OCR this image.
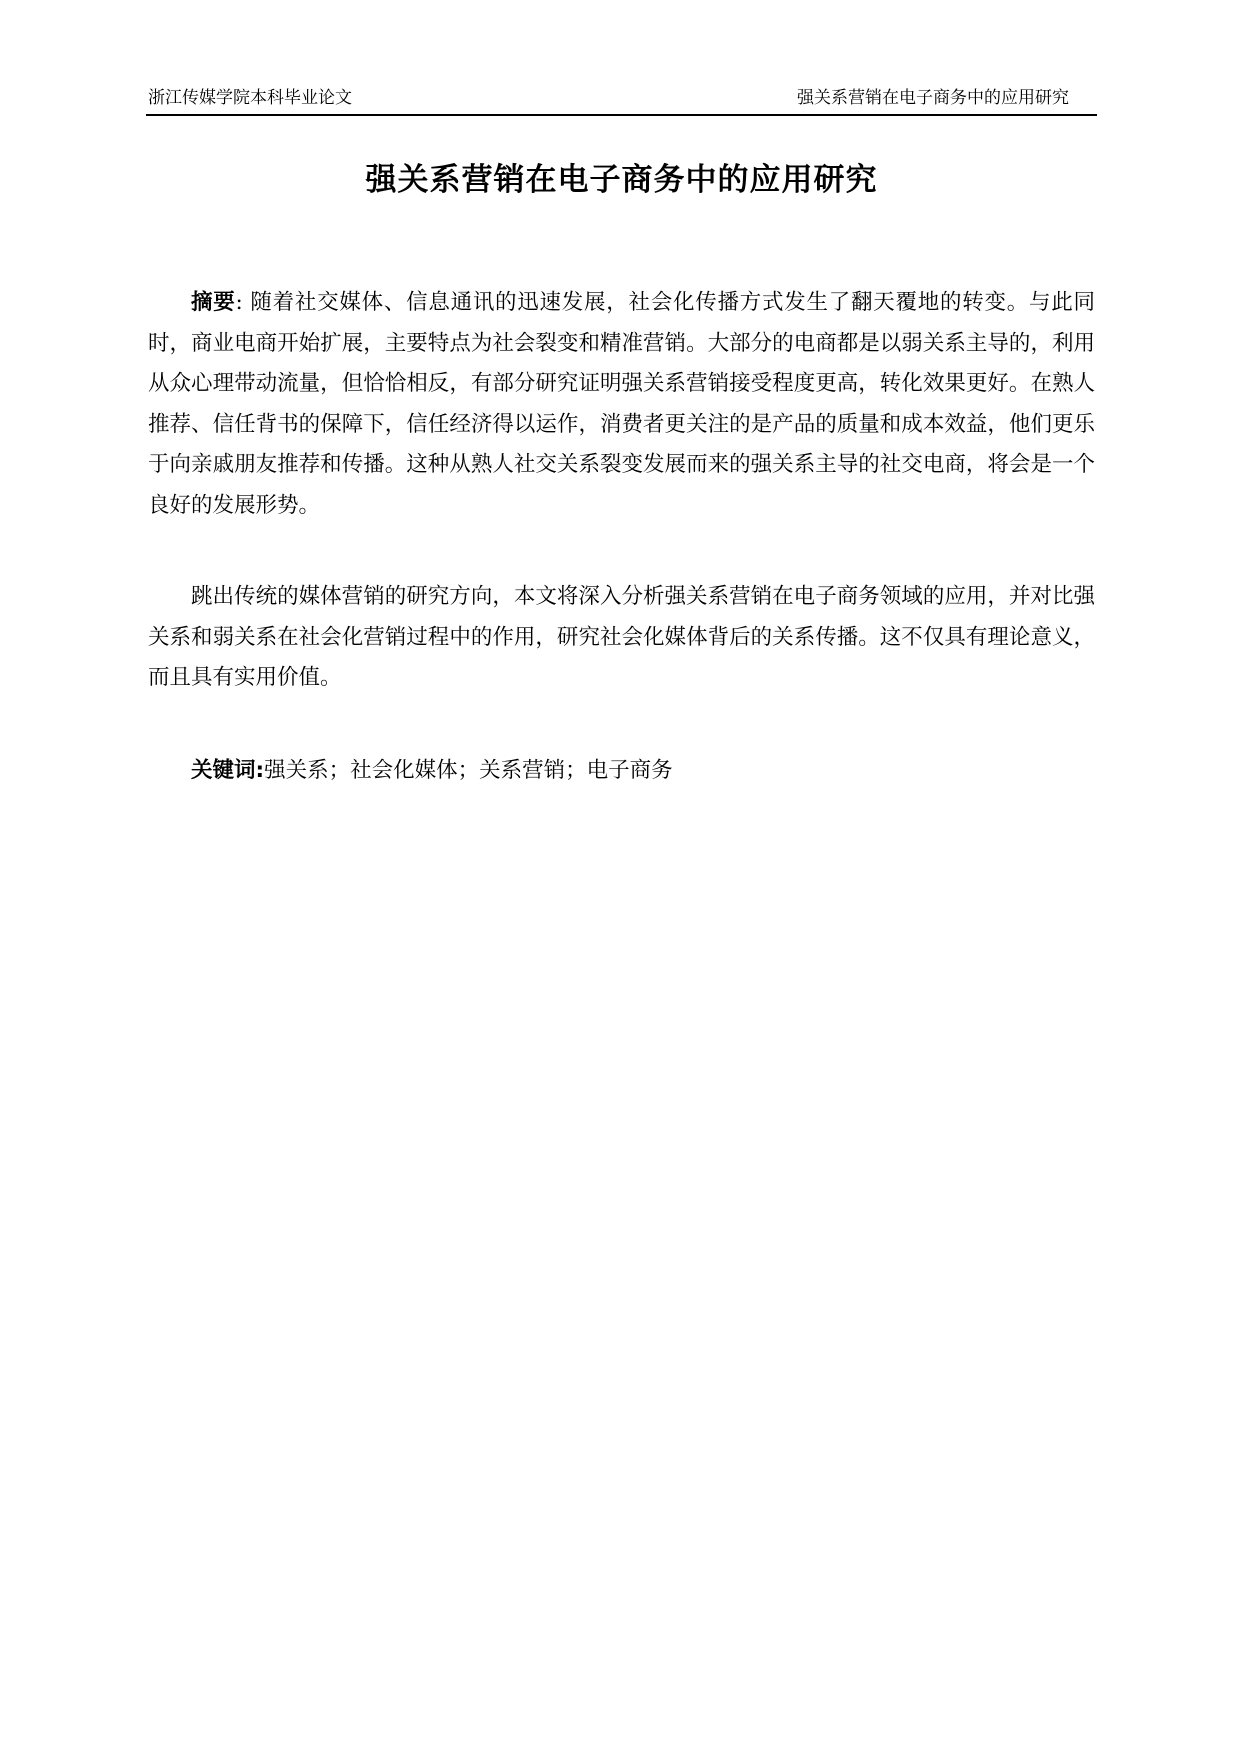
浙江传媒学院本科毕业论文	强关系营销在电子商务中的应用研究
强关系营销在电子商务中的应用研究

摘要: 随着社交媒体、信息通讯的迅速发展，社会化传播方式发生了翻天覆地的转变。与此同时，商业电商开始扩展，主要特点为社会裂变和精准营销。大部分的电商都是以弱关系主导的，利用从众心理带动流量，但恰恰相反，有部分研究证明强关系营销接受程度更高，转化效果更好。在熟人推荐、信任背书的保障下，信任经济得以运作，消费者更关注的是产品的质量和成本效益，他们更乐于向亲戚朋友推荐和传播。这种从熟人社交关系裂变发展而来的强关系主导的社交电商，将会是一个良好的发展形势。

跳出传统的媒体营销的研究方向，本文将深入分析强关系营销在电子商务领域的应用，并对比强关系和弱关系在社会化营销过程中的作用，研究社会化媒体背后的关系传播。这不仅具有理论意义，而且具有实用价值。

关键词:强关系；社会化媒体；关系营销；电子商务
